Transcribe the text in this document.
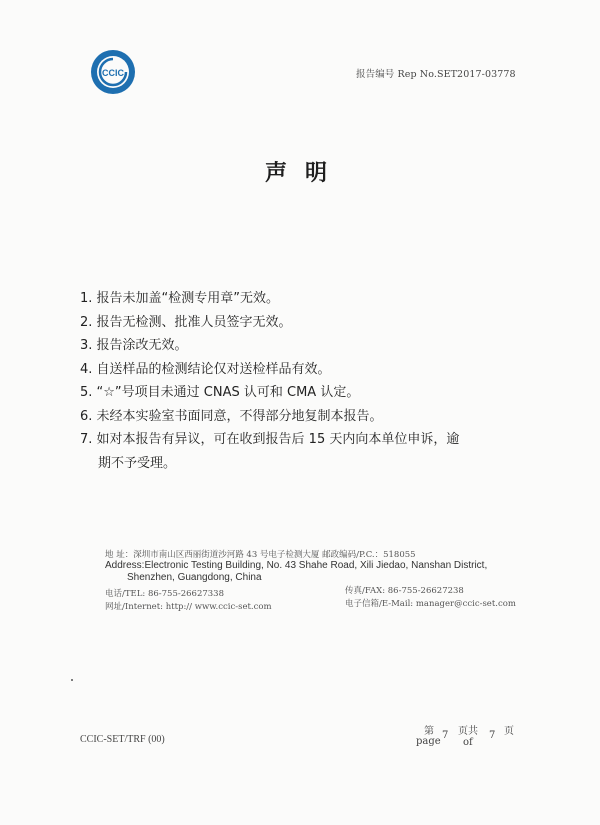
CCIC	报告编号 Rep No.SET2017-03778
声明
1. 报告未加盖“检测专用章”无效。
2. 报告无检测、批准人员签字无效。
3. 报告涂改无效。
4. 自送样品的检测结论仅对送检样品有效。
5. “☆”号项目未通过 CNAS 认可和 CMA 认定。
6. 未经本实验室书面同意，不得部分地复制本报告。
7. 如对本报告有异议，可在收到报告后 15 天内向本单位申诉，逾
期不予受理。
地 址：深圳市南山区西丽街道沙河路 43 号电子检测大厦 邮政编码/P.C.：518055
Address:Electronic Testing Building, No. 43 Shahe Road, Xili Jiedao, Nanshan District,
Shenzhen, Guangdong, China
电话/TEL: 86-755-26627338	传真/FAX: 86-755-26627238
网址/Internet: http:// www.ccic-set.com	电子信箱/E-Mail: manager@ccic-set.com
CCIC-SET/TRF (00)
第
page
7 页共
of
7 页
